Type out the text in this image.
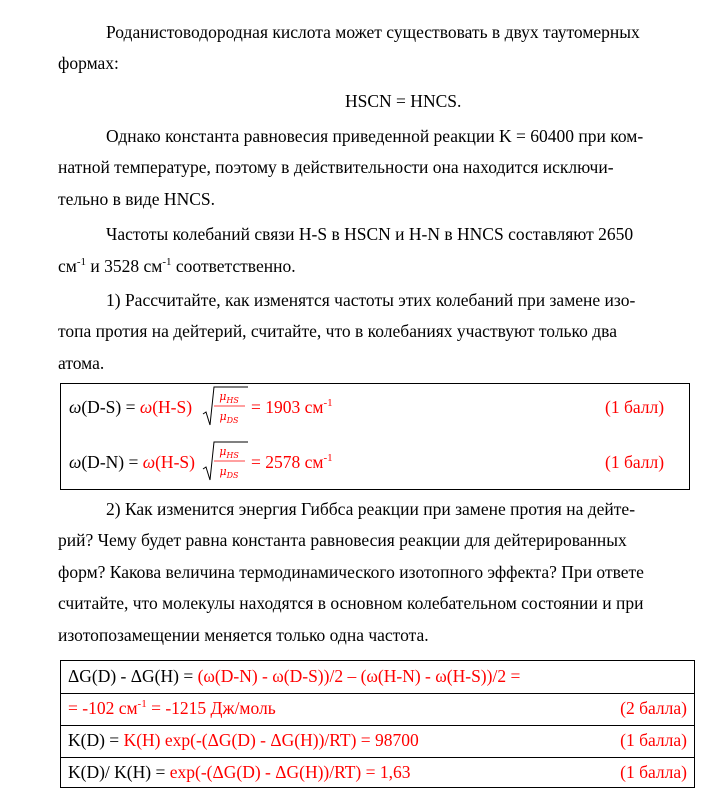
Роданистоводородная кислота может существовать в двух таутомерных
формах:
HSCN = HNCS.
Однако константа равновесия приведенной реакции K = 60400 при ком-
натной температуре, поэтому в действительности она находится исключи-
тельно в виде HNCS.
Частоты колебаний связи H-S в HSCN и H-N в HNCS составляют 2650
$см^{-1}$ и 3528 $см^{-1}$ соответственно.
1) Рассчитайте, как изменятся частоты этих колебаний при замене изо-
топа протия на дейтерий, считайте, что в колебаниях участвуют только два
атома.
ω(D-S) = ω(H-S)
$\mu_{HS}$
$\mu_{DS}$
= 1903 $см^{-1}$	(1 балл)
ω(D-N) = ω(H-S)
$\mu_{HS}$
$\mu_{DS}$
= 2578 $см^{-1}$	(1 балл)
2) Как изменится энергия Гиббса реакции при замене протия на дейте-
рий? Чему будет равна константа равновесия реакции для дейтерированных
форм? Какова величина термодинамического изотопного эффекта? При ответе
считайте, что молекулы находятся в основном колебательном состоянии и при
изотопозамещении меняется только одна частота.
ΔG(D) - ΔG(H) = (ω(D-N) - ω(D-S))/2 – (ω(H-N) - ω(H-S))/2 =
= -102 $см^{-1} = -1215$ Дж/моль	(2 балла)
K(D) = K(H) exp(-(ΔG(D) - ΔG(H))/RT) = 98700	(1 балла)
K(D)/ K(H) = exp(-(ΔG(D) - ΔG(H))/RT) = 1,63	(1 балла)
